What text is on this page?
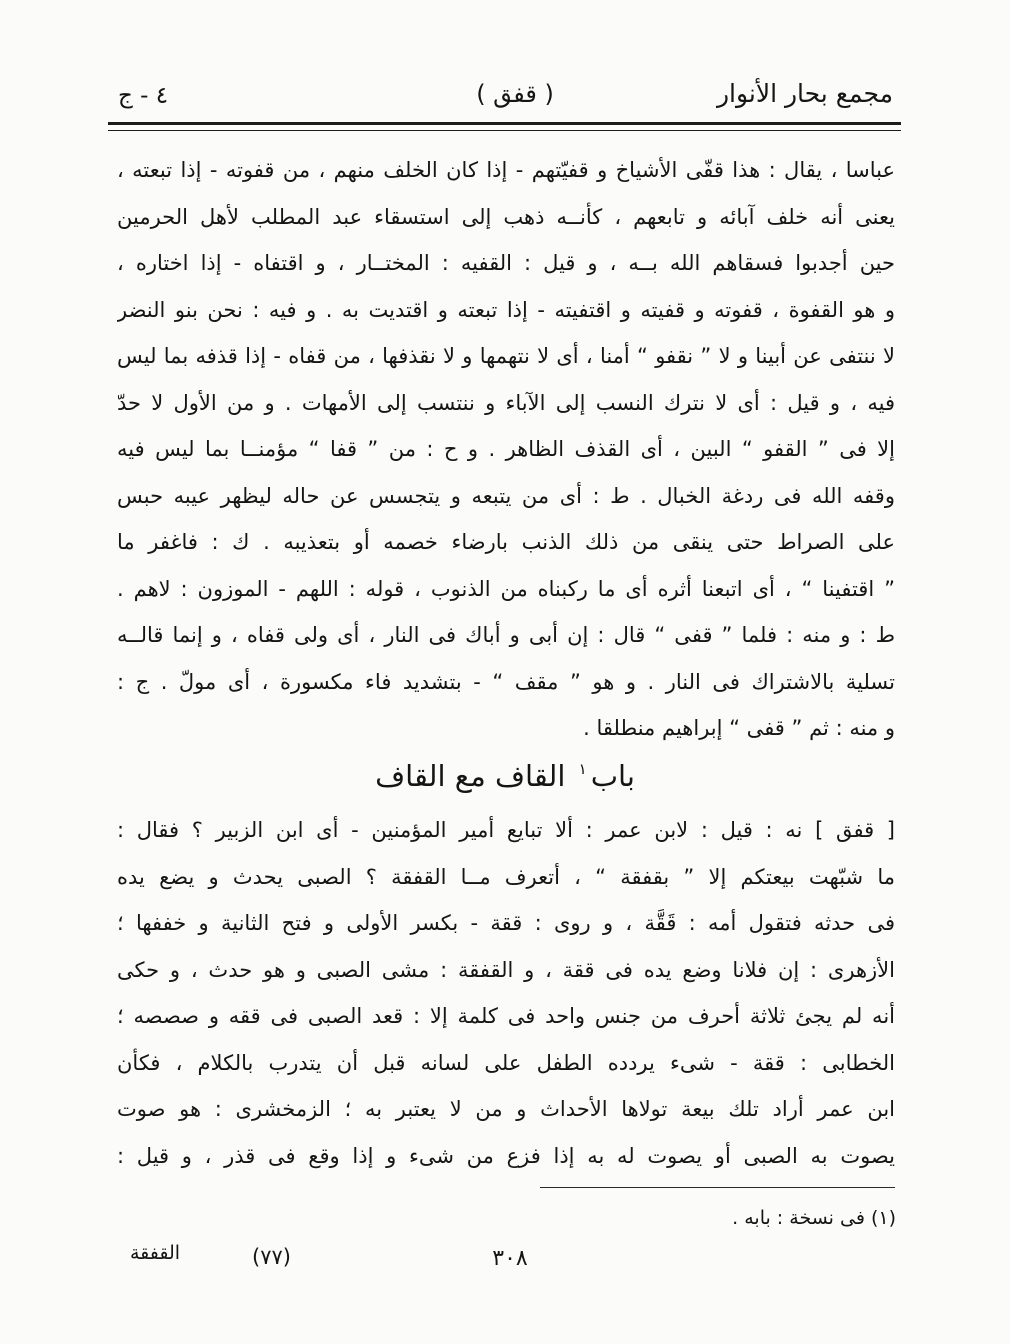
مجمع بحار الأنوار
( قفق )
ج - ٤
عباسا ، يقال : هذا قفّى الأشياخ و قفيّتهم - إذا كان الخلف منهم ، من قفوته - إذا تبعته ،
يعنى أنه خلف آبائه و تابعهم ، كأنــه ذهب إلى استسقاء عبد المطلب لأهل الحرمين
حين أجدبوا فسقاهم الله بــه ، و قيل : القفيه : المختــار ، و اقتفاه - إذا اختاره ،
و هو القفوة ، قفوته و قفيته و اقتفيته - إذا تبعته و اقتديت به . و فيه : نحن بنو النضر
لا ننتفى عن أبينا و لا ” نقفو “ أمنا ، أى لا نتهمها و لا نقذفها ، من قفاه - إذا قذفه بما ليس
فيه ، و قيل : أى لا نترك النسب إلى الآباء و ننتسب إلى الأمهات . و من الأول لا حدّ
إلا فى ” القفو “ البين ، أى القذف الظاهر . و ح : من ” قفا “ مؤمنــا بما ليس فيه
وقفه الله فى ردغة الخبال . ط : أى من يتبعه و يتجسس عن حاله ليظهر عيبه حبس
على الصراط حتى ينقى من ذلك الذنب بارضاء خصمه أو بتعذيبه . ك : فاغفر ما
” اقتفينا “ ، أى اتبعنا أثره أى ما ركبناه من الذنوب ، قوله : اللهم - الموزون : لاهم .
ط : و منه : فلما ” قفى “ قال : إن أبى و أباك فى النار ، أى ولى قفاه ، و إنما قالــه
تسلية بالاشتراك فى النار . و هو ” مقف “ - بتشديد فاء مكسورة ، أى مولّ . ج :
و منه : ثم ” قفى “ إبراهيم منطلقا .
باب$^١$ القاف مع القاف
[ قفق ] نه : قيل : لابن عمر : ألا تبايع أمير المؤمنين - أى ابن الزبير ؟ فقال :
ما شبّهت بيعتكم إلا ” بقفقة “ ، أتعرف مــا القفقة ؟ الصبى يحدث و يضع يده
فى حدثه فتقول أمه : قَقَّة ، و روى : ققة - بكسر الأولى و فتح الثانية و خففها ؛
الأزهرى : إن فلانا وضع يده فى ققة ، و القفقة : مشى الصبى و هو حدث ، و حكى
أنه لم يجئ ثلاثة أحرف من جنس واحد فى كلمة إلا : قعد الصبى فى ققه و صصصه ؛
الخطابى : ققة - شىء يردده الطفل على لسانه قبل أن يتدرب بالكلام ، فكأن
ابن عمر أراد تلك بيعة تولاها الأحداث و من لا يعتبر به ؛ الزمخشرى : هو صوت
يصوت به الصبى أو يصوت له به إذا فزع من شىء و إذا وقع فى قذر ، و قيل :
(١) فى نسخة : بابه .
القفقة	(٧٧)	٣٠٨
